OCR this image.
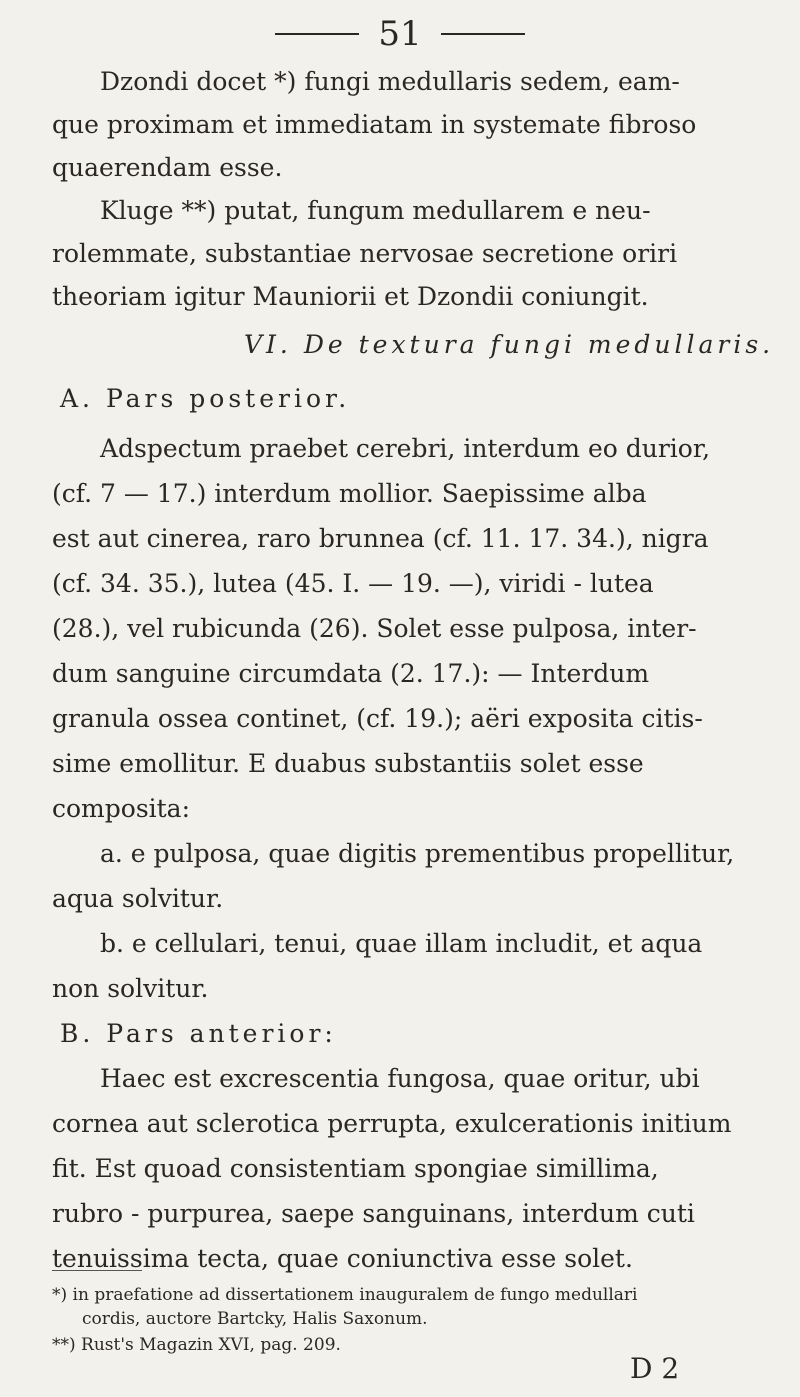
51
Dzondi docet *) fungi medullaris sedem, eam-
que proximam et immediatam in systemate fibroso
quaerendam esse.
Kluge **) putat, fungum medullarem e neu-
rolemmate, substantiae nervosae secretione oriri
theoriam igitur Mauniorii et Dzondii coniungit.
VI. De textura fungi medullaris.
A. Pars posterior.
Adspectum praebet cerebri, interdum eo durior,
(cf. 7 — 17.) interdum mollior. Saepissime alba
est aut cinerea, raro brunnea (cf. 11. 17. 34.), nigra
(cf. 34. 35.), lutea (45. I. — 19. —), viridi - lutea
(28.), vel rubicunda (26). Solet esse pulposa, inter-
dum sanguine circumdata (2. 17.): — Interdum
granula ossea continet, (cf. 19.); aëri exposita citis-
sime emollitur. E duabus substantiis solet esse
composita:
a. e pulposa, quae digitis prementibus propellitur,
aqua solvitur.
b. e cellulari, tenui, quae illam includit, et aqua
non solvitur.
B. Pars anterior:
Haec est excrescentia fungosa, quae oritur, ubi
cornea aut sclerotica perrupta, exulcerationis initium
fit. Est quoad consistentiam spongiae simillima,
rubro - purpurea, saepe sanguinans, interdum cuti
tenuissima tecta, quae coniunctiva esse solet.
*) in praefatione ad dissertationem inauguralem de fungo medullari
cordis, auctore Bartcky, Halis Saxonum.
**) Rust's Magazin XVI, pag. 209.
D 2
